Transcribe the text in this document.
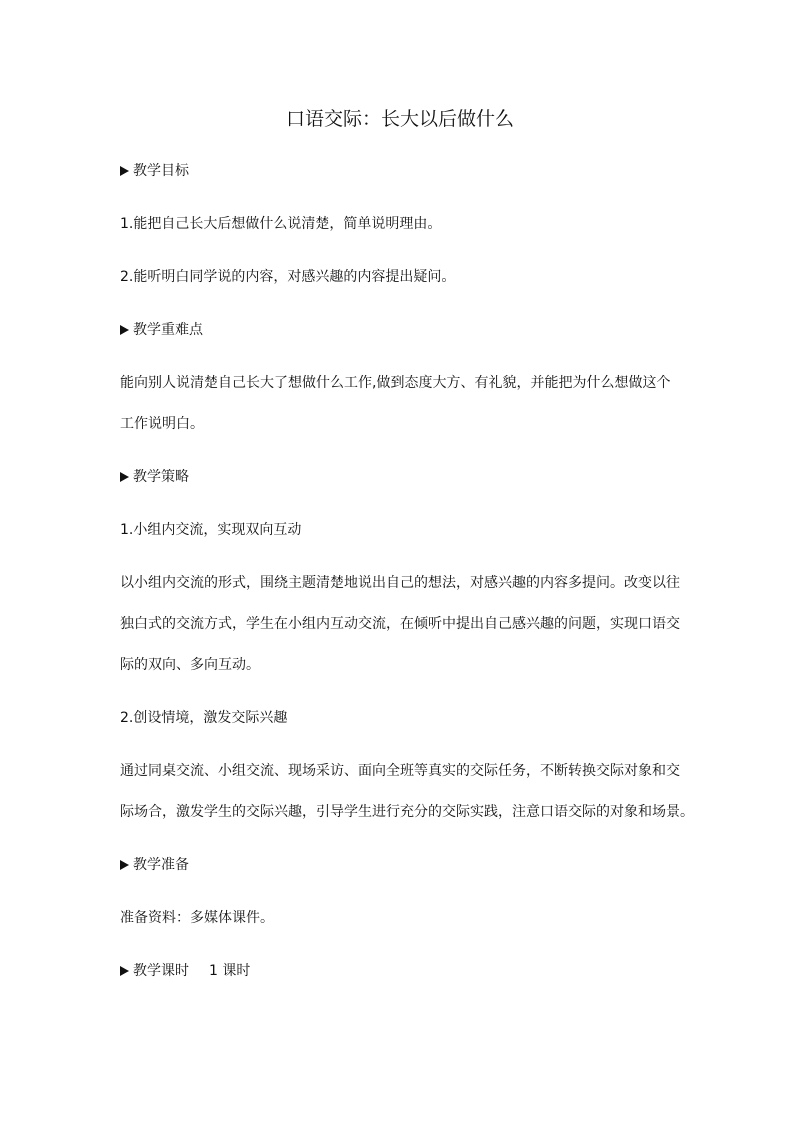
口语交际：长大以后做什么
教学目标
1.能把自己长大后想做什么说清楚，简单说明理由。
2.能听明白同学说的内容，对感兴趣的内容提出疑问。
教学重难点
能向别人说清楚自己长大了想做什么工作,做到态度大方、有礼貌，并能把为什么想做这个
工作说明白。
教学策略
1.小组内交流，实现双向互动
以小组内交流的形式，围绕主题清楚地说出自己的想法，对感兴趣的内容多提问。改变以往
独白式的交流方式，学生在小组内互动交流，在倾听中提出自己感兴趣的问题，实现口语交
际的双向、多向互动。
2.创设情境，激发交际兴趣
通过同桌交流、小组交流、现场采访、面向全班等真实的交际任务，不断转换交际对象和交
际场合，激发学生的交际兴趣，引导学生进行充分的交际实践，注意口语交际的对象和场景。
教学准备
准备资料：多媒体课件。
教学课时 1 课时
